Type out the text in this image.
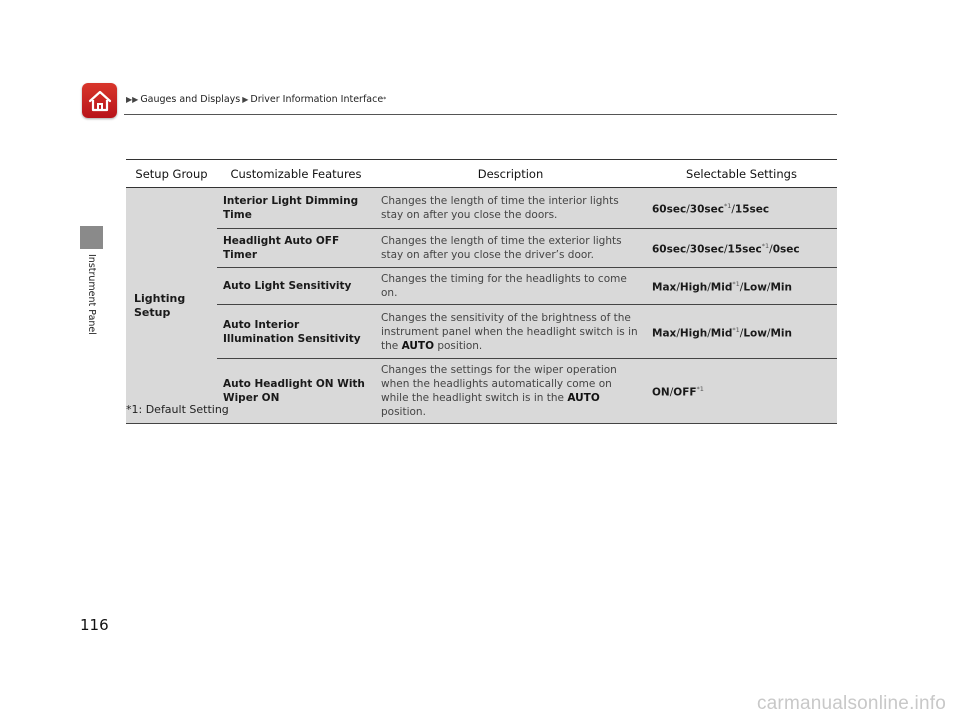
▶▶ Gauges and Displays ▶ Driver Information Interface *
Instrument Panel
Setup Group	Customizable Features	Description	Selectable Settings
Lighting Setup	Interior Light Dimming Time	Changes the length of time the interior lights stay on after you close the doors.	$60\sec/30\sec^{*1}/15\sec$
	Headlight Auto OFF Timer	Changes the length of time the exterior lights stay on after you close the driver’s door.	$60\sec/30\sec/15\sec^{*1}/0\sec$
	Auto Light Sensitivity	Changes the timing for the headlights to come on.	Max/High/Mid$^{*1}$/Low/Min
	Auto Interior Illumination Sensitivity	Changes the sensitivity of the brightness of the instrument panel when the headlight switch is in the AUTO position.	Max/High/Mid$^{*1}$/Low/Min
	Auto Headlight ON With Wiper ON	Changes the settings for the wiper operation when the headlights automatically come on while the headlight switch is in the AUTO position.	ON/OFF$^{*1}$
*1: Default Setting
116
carmanualsonline.info
